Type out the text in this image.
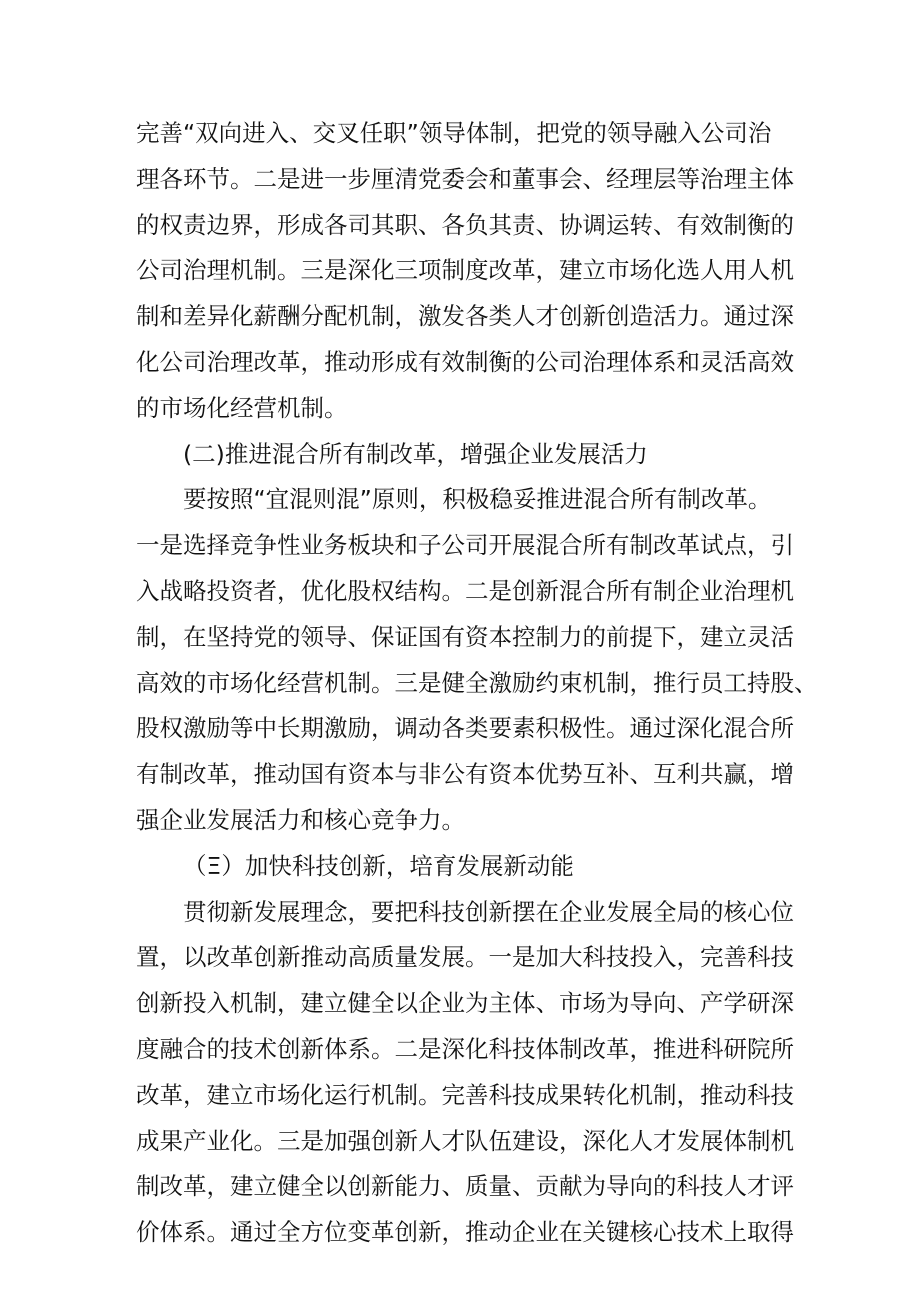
完善“双向进入、交叉任职”领导体制，把党的领导融入公司治
理各环节。二是进一步厘清党委会和董事会、经理层等治理主体
的权责边界，形成各司其职、各负其责、协调运转、有效制衡的
公司治理机制。三是深化三项制度改革，建立市场化选人用人机
制和差异化薪酬分配机制，激发各类人才创新创造活力。通过深
化公司治理改革，推动形成有效制衡的公司治理体系和灵活高效
的市场化经营机制。
(二)推进混合所有制改革，增强企业发展活力
要按照“宜混则混”原则，积极稳妥推进混合所有制改革。
一是选择竞争性业务板块和子公司开展混合所有制改革试点，引
入战略投资者，优化股权结构。二是创新混合所有制企业治理机
制，在坚持党的领导、保证国有资本控制力的前提下，建立灵活
高效的市场化经营机制。三是健全激励约束机制，推行员工持股、
股权激励等中长期激励，调动各类要素积极性。通过深化混合所
有制改革，推动国有资本与非公有资本优势互补、互利共赢，增
强企业发展活力和核心竞争力。
（Ξ）加快科技创新，培育发展新动能
贯彻新发展理念，要把科技创新摆在企业发展全局的核心位
置，以改革创新推动高质量发展。一是加大科技投入，完善科技
创新投入机制，建立健全以企业为主体、市场为导向、产学研深
度融合的技术创新体系。二是深化科技体制改革，推进科研院所
改革，建立市场化运行机制。完善科技成果转化机制，推动科技
成果产业化。三是加强创新人才队伍建设，深化人才发展体制机
制改革，建立健全以创新能力、质量、贡献为导向的科技人才评
价体系。通过全方位变革创新，推动企业在关键核心技术上取得
